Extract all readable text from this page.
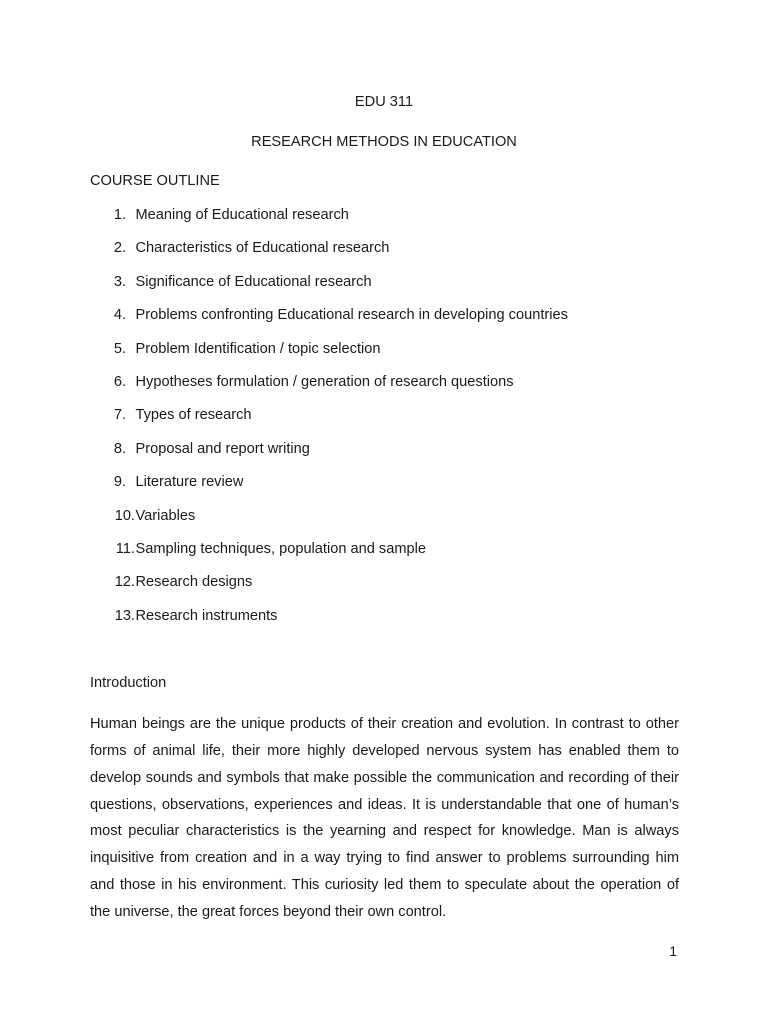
EDU 311
RESEARCH METHODS IN EDUCATION
COURSE OUTLINE
1. Meaning of Educational research
2. Characteristics of Educational research
3. Significance of Educational research
4. Problems confronting Educational research in developing countries
5. Problem Identification / topic selection
6. Hypotheses formulation / generation of research questions
7. Types of research
8. Proposal and report writing
9. Literature review
10. Variables
11. Sampling techniques, population and sample
12. Research designs
13. Research instruments
Introduction

Human beings are the unique products of their creation and evolution. In contrast to other forms of animal life, their more highly developed nervous system has enabled them to develop sounds and symbols that make possible the communication and recording of their questions, observations, experiences and ideas. It is understandable that one of human’s most peculiar characteristics is the yearning and respect for knowledge. Man is always inquisitive from creation and in a way trying to find answer to problems surrounding him and those in his environment. This curiosity led them to speculate about the operation of the universe, the great forces beyond their own control.

1
